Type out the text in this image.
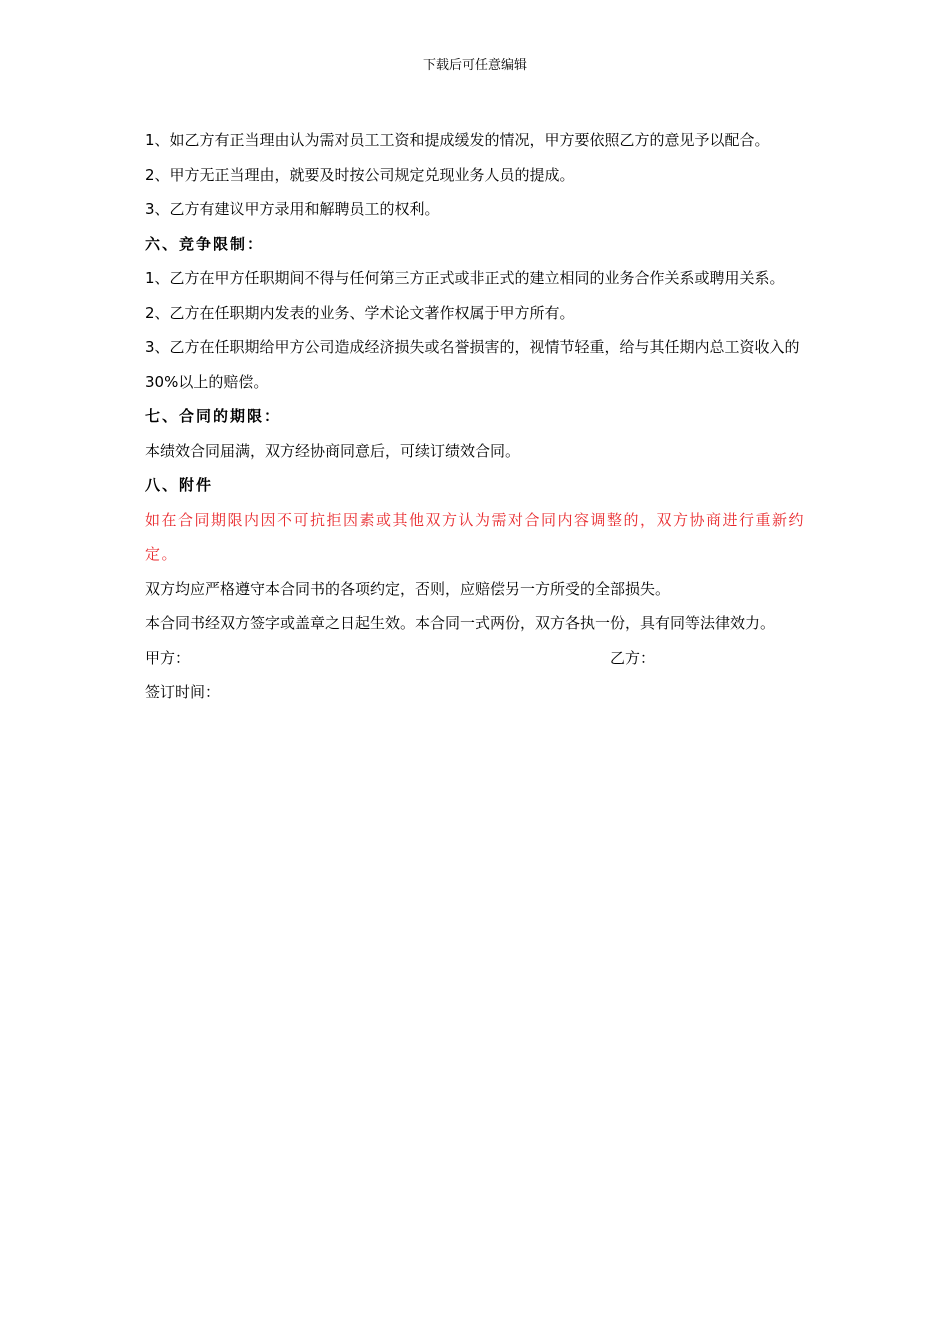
下载后可任意编辑

1、如乙方有正当理由认为需对员工工资和提成缓发的情况，甲方要依照乙方的意见予以配合。

2、甲方无正当理由，就要及时按公司规定兑现业务人员的提成。

3、乙方有建议甲方录用和解聘员工的权利。

六、竞争限制：

1、乙方在甲方任职期间不得与任何第三方正式或非正式的建立相同的业务合作关系或聘用关系。

2、乙方在任职期内发表的业务、学术论文著作权属于甲方所有。

3、乙方在任职期给甲方公司造成经济损失或名誉损害的，视情节轻重，给与其任期内总工资收入的 30%以上的赔偿。

七、合同的期限：

本绩效合同届满，双方经协商同意后，可续订绩效合同。

八、附件

如在合同期限内因不可抗拒因素或其他双方认为需对合同内容调整的，双方协商进行重新约定。

双方均应严格遵守本合同书的各项约定，否则，应赔偿另一方所受的全部损失。

本合同书经双方签字或盖章之日起生效。本合同一式两份，双方各执一份，具有同等法律效力。

甲方：	乙方：

签订时间：
